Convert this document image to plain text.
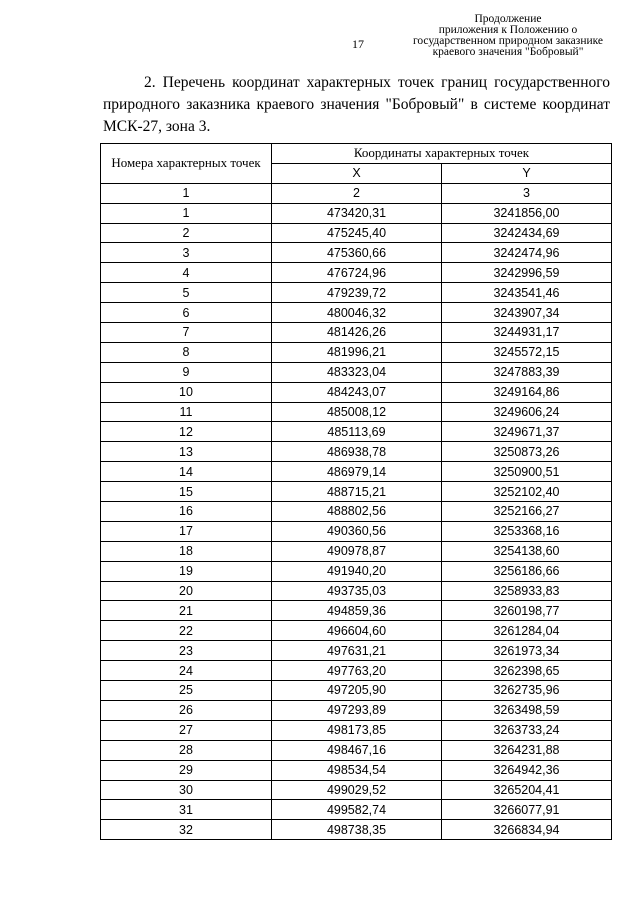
17
Продолжение
приложения к Положению о
государственном природном заказнике
краевого значения "Бобровый"

2. Перечень координат характерных точек границ государственного природного заказника краевого значения "Бобровый" в системе координат МСК-27, зона 3.

Номера характерных точек	Координаты характерных точек	
	X	Y
1	2	3
1	473420,31	3241856,00
2	475245,40	3242434,69
3	475360,66	3242474,96
4	476724,96	3242996,59
5	479239,72	3243541,46
6	480046,32	3243907,34
7	481426,26	3244931,17
8	481996,21	3245572,15
9	483323,04	3247883,39
10	484243,07	3249164,86
11	485008,12	3249606,24
12	485113,69	3249671,37
13	486938,78	3250873,26
14	486979,14	3250900,51
15	488715,21	3252102,40
16	488802,56	3252166,27
17	490360,56	3253368,16
18	490978,87	3254138,60
19	491940,20	3256186,66
20	493735,03	3258933,83
21	494859,36	3260198,77
22	496604,60	3261284,04
23	497631,21	3261973,34
24	497763,20	3262398,65
25	497205,90	3262735,96
26	497293,89	3263498,59
27	498173,85	3263733,24
28	498467,16	3264231,88
29	498534,54	3264942,36
30	499029,52	3265204,41
31	499582,74	3266077,91
32	498738,35	3266834,94
